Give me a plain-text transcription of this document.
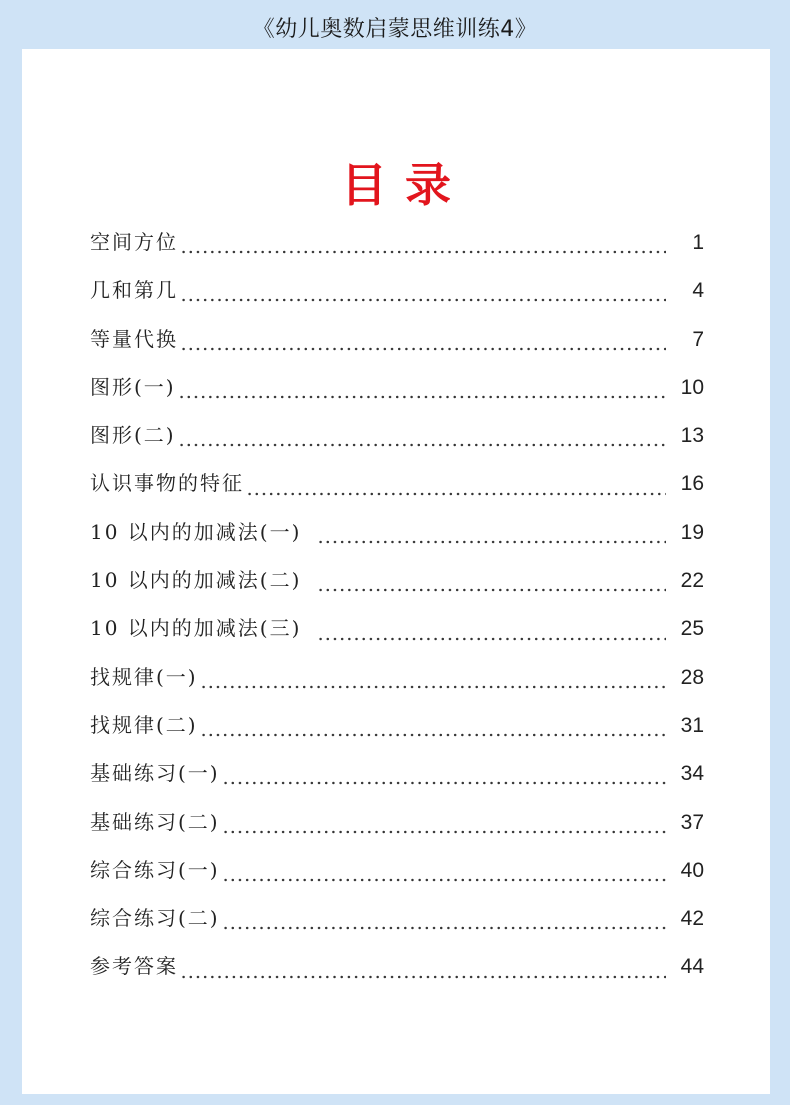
《幼儿奥数启蒙思维训练4》
目录
空间方位	1
几和第几	4
等量代换	7
图形(一)	10
图形(二)	13
认识事物的特征	16
10 以内的加减法(一)	19
10 以内的加减法(二)	22
10 以内的加减法(三)	25
找规律(一)	28
找规律(二)	31
基础练习(一)	34
基础练习(二)	37
综合练习(一)	40
综合练习(二)	42
参考答案	44
